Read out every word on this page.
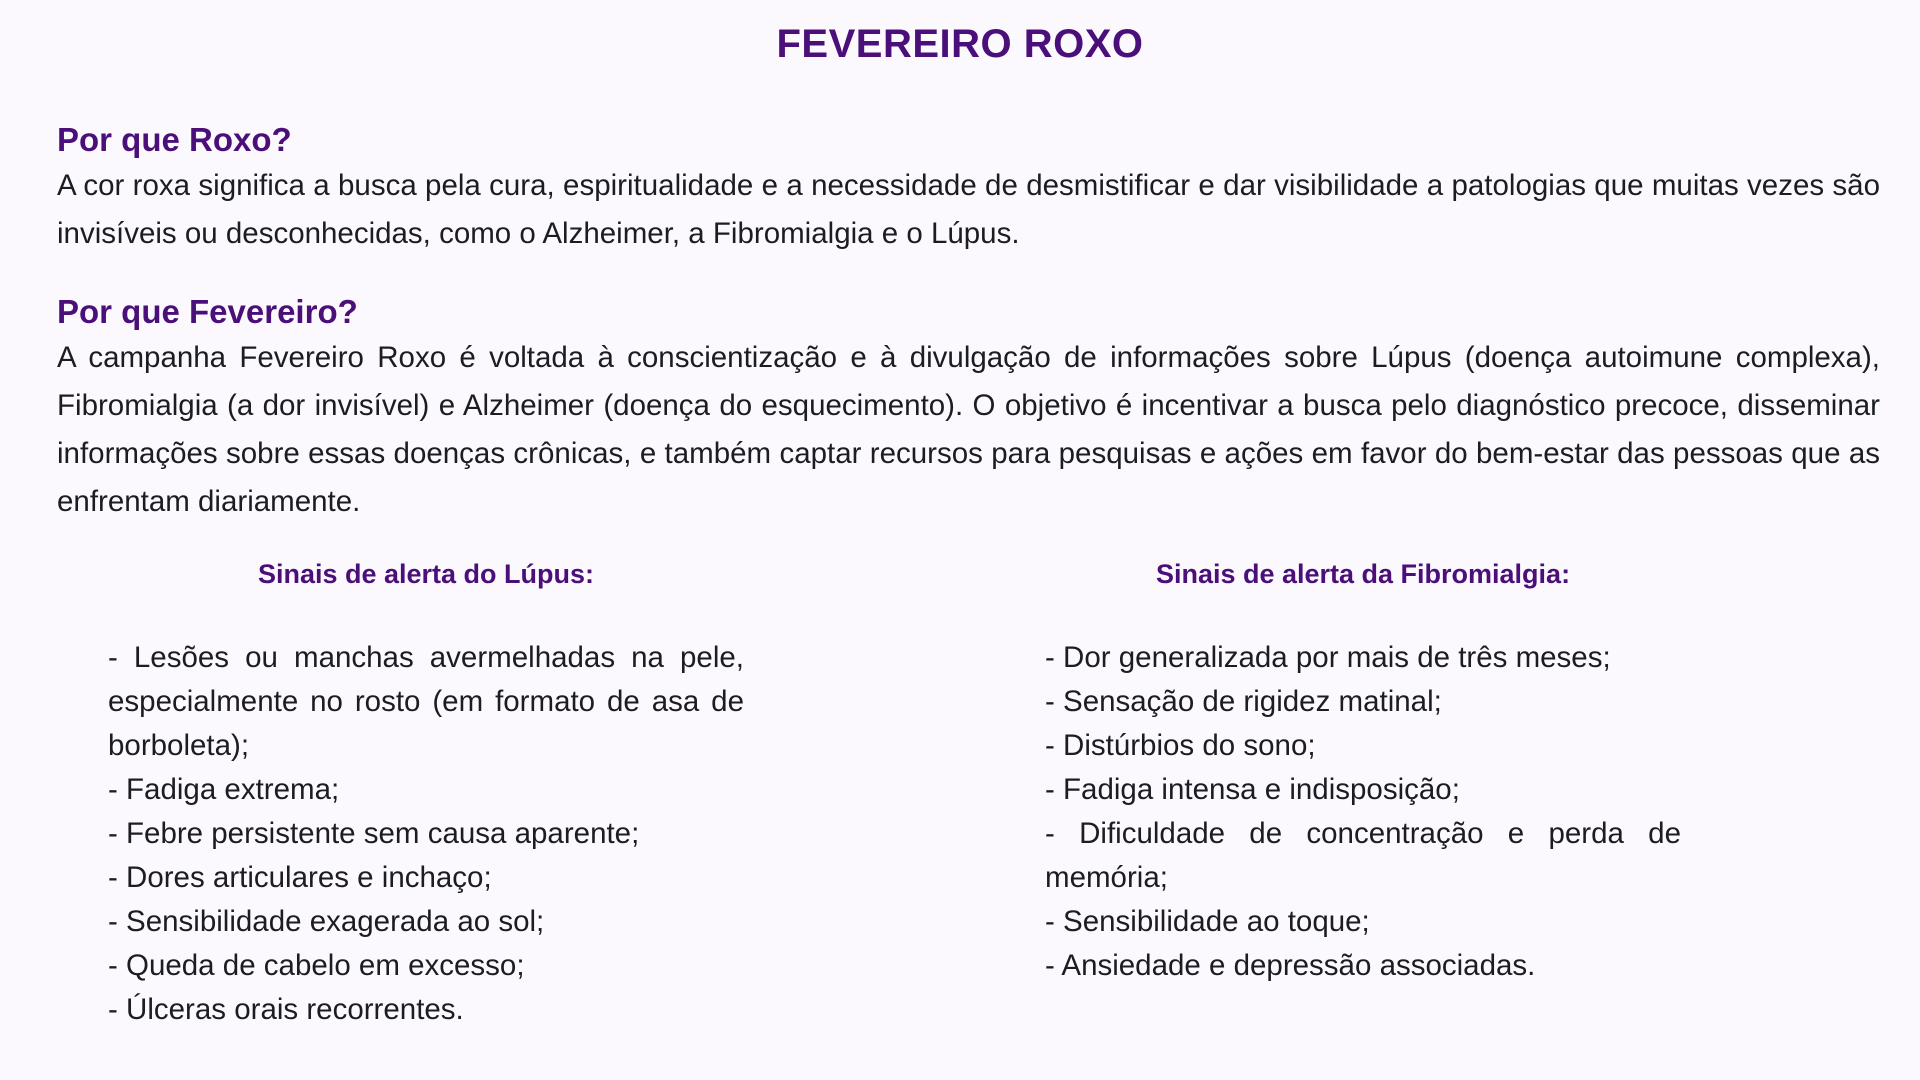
FEVEREIRO ROXO
Por que Roxo?

A cor roxa significa a busca pela cura, espiritualidade e a necessidade de desmistificar e dar visibilidade a patologias que muitas vezes são invisíveis ou desconhecidas, como o Alzheimer, a Fibromialgia e o Lúpus.

Por que Fevereiro?

A campanha Fevereiro Roxo é voltada à conscientização e à divulgação de informações sobre Lúpus (doença autoimune complexa), Fibromialgia (a dor invisível) e Alzheimer (doença do esquecimento). O objetivo é incentivar a busca pelo diagnóstico precoce, disseminar informações sobre essas doenças crônicas, e também captar recursos para pesquisas e ações em favor do bem-estar das pessoas que as enfrentam diariamente.

Sinais de alerta do Lúpus:
- Lesões ou manchas avermelhadas na pele, especialmente no rosto (em formato de asa de borboleta);
- Fadiga extrema;
- Febre persistente sem causa aparente;
- Dores articulares e inchaço;
- Sensibilidade exagerada ao sol;
- Queda de cabelo em excesso;
- Úlceras orais recorrentes.
Sinais de alerta da Fibromialgia:
- Dor generalizada por mais de três meses;
- Sensação de rigidez matinal;
- Distúrbios do sono;
- Fadiga intensa e indisposição;
- Dificuldade de concentração e perda de memória;
- Sensibilidade ao toque;
- Ansiedade e depressão associadas.
